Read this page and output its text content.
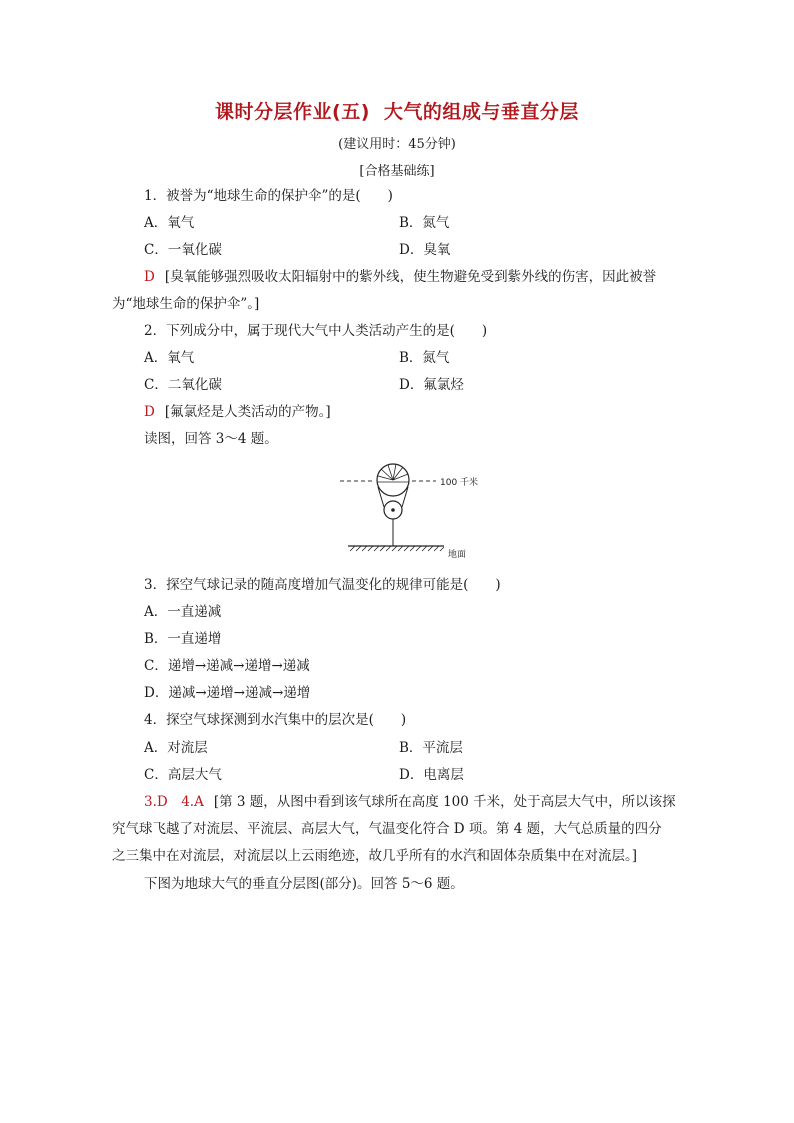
课时分层作业(五) 大气的组成与垂直分层
(建议用时：45分钟)
[合格基础练]
1．被誉为“地球生命的保护伞”的是(　　)
A．氧气	B．氮气
C．一氧化碳	D．臭氧
D [臭氧能够强烈吸收太阳辐射中的紫外线，使生物避免受到紫外线的伤害，因此被誉
为“地球生命的保护伞”。]
2．下列成分中，属于现代大气中人类活动产生的是(　　)
A．氧气	B．氮气
C．二氧化碳	D．氟氯烃
D [氟氯烃是人类活动的产物。]
读图，回答 3～4 题。
100 千米
地面
3．探空气球记录的随高度增加气温变化的规律可能是(　　)
A．一直递减
B．一直递增
C．递增→递减→递增→递减
D．递减→递增→递减→递增
4．探空气球探测到水汽集中的层次是(　　)
A．对流层	B．平流层
C．高层大气	D．电离层
3.D　4.A [第 3 题，从图中看到该气球所在高度 100 千米，处于高层大气中，所以该探
究气球飞越了对流层、平流层、高层大气，气温变化符合 D 项。第 4 题，大气总质量的四分
之三集中在对流层，对流层以上云雨绝迹，故几乎所有的水汽和固体杂质集中在对流层。]
下图为地球大气的垂直分层图(部分)。回答 5～6 题。
